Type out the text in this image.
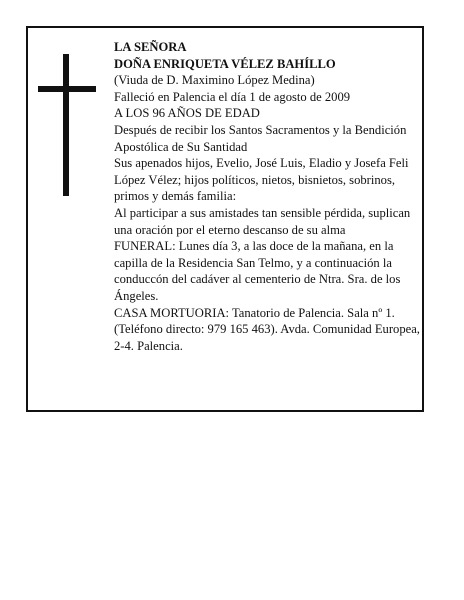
LA SEÑORA

DOÑA ENRIQUETA VÉLEZ BAHÍLLO

(Viuda de D. Maximino López Medina)

Falleció en Palencia el día 1 de agosto de 2009

A LOS 96 AÑOS DE EDAD

Después de recibir los Santos Sacramentos y la Bendición Apostólica de Su Santidad

Sus apenados hijos, Evelio, José Luis, Eladio y Josefa Feli López Vélez; hijos políticos, nietos, bisnietos, sobrinos, primos y demás familia:

Al participar a sus amistades tan sensible pérdida, suplican una oración por el eterno descanso de su alma

FUNERAL: Lunes día 3, a las doce de la mañana, en la capilla de la Residencia San Telmo, y a continuación la conduccón del cadáver al cementerio de Ntra. Sra. de los Ángeles.

CASA MORTUORIA: Tanatorio de Palencia. Sala nº 1. (Teléfono directo: 979 165 463). Avda. Comunidad Europea, 2-4. Palencia.
